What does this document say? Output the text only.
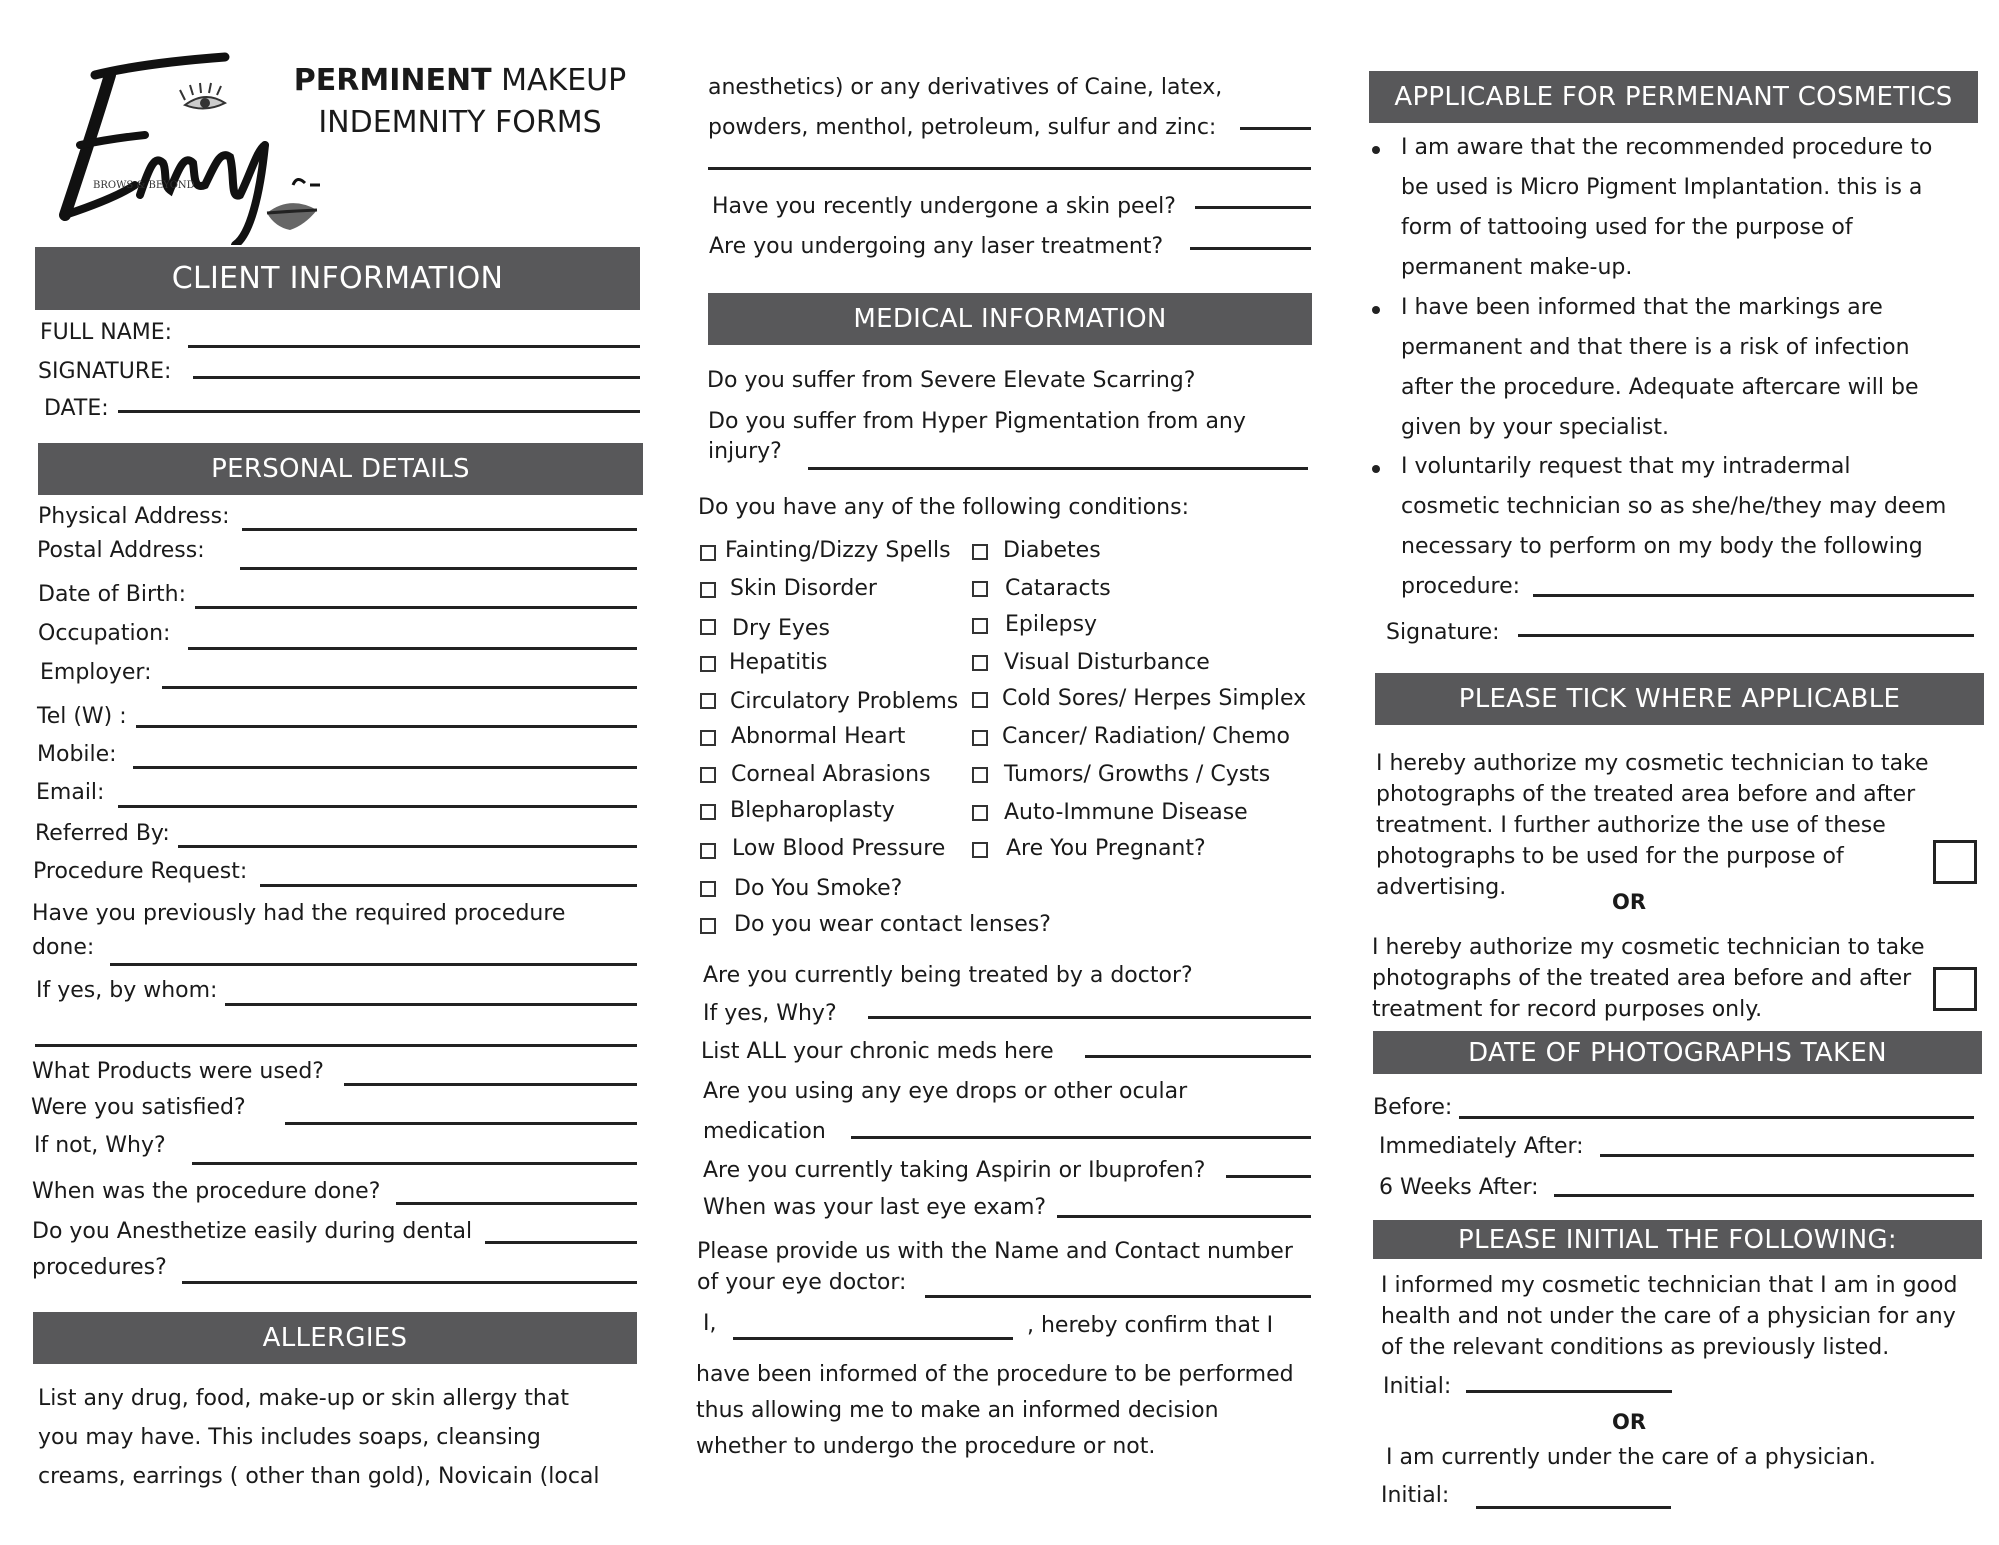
BROWS & BEYOND
PERMINENT MAKEUP
INDEMNITY FORMS
CLIENT INFORMATION
FULL NAME:
SIGNATURE:
DATE:
PERSONAL DETAILS
Physical Address:
Postal Address:
Date of Birth:
Occupation:
Employer:
Tel (W) :
Mobile:
Email:
Referred By:
Procedure Request:
Have you previously had the required procedure
done:
If yes, by whom:
What Products were used?
Were you satisfied?
If not, Why?
When was the procedure done?
Do you Anesthetize easily during dental
procedures?
ALLERGIES
List any drug, food, make-up or skin allergy that
you may have. This includes soaps, cleansing
creams, earrings ( other than gold), Novicain (local
anesthetics) or any derivatives of Caine, latex,
powders, menthol, petroleum, sulfur and zinc:
Have you recently undergone a skin peel?
Are you undergoing any laser treatment?
MEDICAL INFORMATION
Do you suffer from Severe Elevate Scarring?
Do you suffer from Hyper Pigmentation from any
injury?
Do you have any of the following conditions:
Fainting/Dizzy Spells
Skin Disorder
Dry Eyes
Hepatitis
Circulatory Problems
Abnormal Heart
Corneal Abrasions
Blepharoplasty
Low Blood Pressure
Do You Smoke?
Do you wear contact lenses?
Diabetes
Cataracts
Epilepsy
Visual Disturbance
Cold Sores/ Herpes Simplex
Cancer/ Radiation/ Chemo
Tumors/ Growths / Cysts
Auto-Immune Disease
Are You Pregnant?
Are you currently being treated by a doctor?
If yes, Why?
List ALL your chronic meds here
Are you using any eye drops or other ocular
medication
Are you currently taking Aspirin or Ibuprofen?
When was your last eye exam?
Please provide us with the Name and Contact number
of your eye doctor:
I,	, hereby confirm that I
have been informed of the procedure to be performed
thus allowing me to make an informed decision
whether to undergo the procedure or not.
APPLICABLE FOR PERMENANT COSMETICS
I am aware that the recommended procedure to
be used is Micro Pigment Implantation. this is a
form of tattooing used for the purpose of
permanent make-up.
I have been informed that the markings are
permanent and that there is a risk of infection
after the procedure. Adequate aftercare will be
given by your specialist.
I voluntarily request that my intradermal
cosmetic technician so as she/he/they may deem
necessary to perform on my body the following
procedure:
Signature:
PLEASE TICK WHERE APPLICABLE
I hereby authorize my cosmetic technician to take
photographs of the treated area before and after
treatment. I further authorize the use of these
photographs to be used for the purpose of
advertising.
OR
I hereby authorize my cosmetic technician to take
photographs of the treated area before and after
treatment for record purposes only.
DATE OF PHOTOGRAPHS TAKEN
Before:
Immediately After:
6 Weeks After:
PLEASE INITIAL THE FOLLOWING:
I informed my cosmetic technician that I am in good
health and not under the care of a physician for any
of the relevant conditions as previously listed.
Initial:
OR
I am currently under the care of a physician.
Initial:
